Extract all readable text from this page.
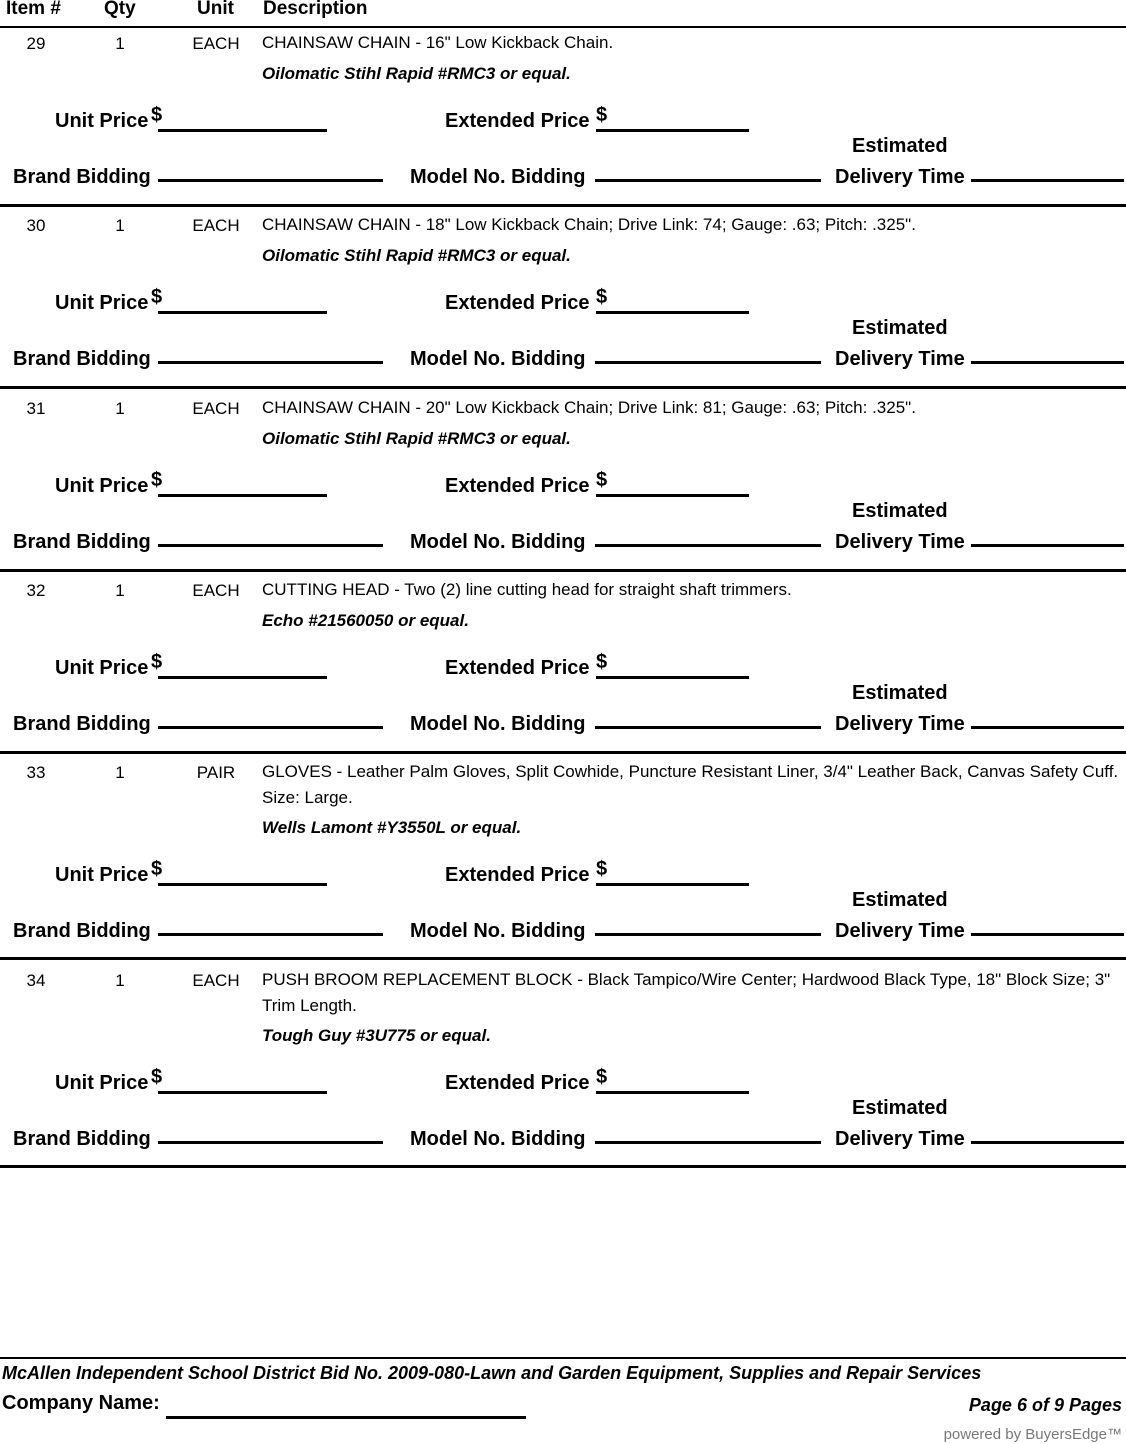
Item # Qty	Unit Description
29	1	EACH CHAINSAW CHAIN - 16" Low Kickback Chain.
Oilomatic Stihl Rapid #RMC3 or equal.
Unit Price $	Extended Price $
Estimated
Brand Bidding	Model No. Bidding	Delivery Time
30	1	EACH CHAINSAW CHAIN - 18" Low Kickback Chain; Drive Link: 74; Gauge: .63; Pitch: .325".
Oilomatic Stihl Rapid #RMC3 or equal.
Unit Price $	Extended Price $
Estimated
Brand Bidding	Model No. Bidding	Delivery Time
31	1	EACH CHAINSAW CHAIN - 20" Low Kickback Chain; Drive Link: 81; Gauge: .63; Pitch: .325".
Oilomatic Stihl Rapid #RMC3 or equal.
Unit Price $	Extended Price $
Estimated
Brand Bidding	Model No. Bidding	Delivery Time
32	1	EACH CUTTING HEAD - Two (2) line cutting head for straight shaft trimmers.
Echo #21560050 or equal.
Unit Price $	Extended Price $
Estimated
Brand Bidding	Model No. Bidding	Delivery Time
33	1	PAIR	GLOVES - Leather Palm Gloves, Split Cowhide, Puncture Resistant Liner, 3/4" Leather Back, Canvas Safety Cuff. Size: Large.
Wells Lamont #Y3550L or equal.
Unit Price $	Extended Price $
Estimated
Brand Bidding	Model No. Bidding	Delivery Time
34	1	EACH PUSH BROOM REPLACEMENT BLOCK - Black Tampico/Wire Center; Hardwood Black Type, 18" Block Size; 3" Trim Length.
Tough Guy #3U775 or equal.
Unit Price $	Extended Price $
Estimated
Brand Bidding	Model No. Bidding	Delivery Time
McAllen Independent School District Bid No. 2009-080-Lawn and Garden Equipment, Supplies and Repair Services
Company Name:	Page 6 of 9 Pages
powered by BuyersEdge™
